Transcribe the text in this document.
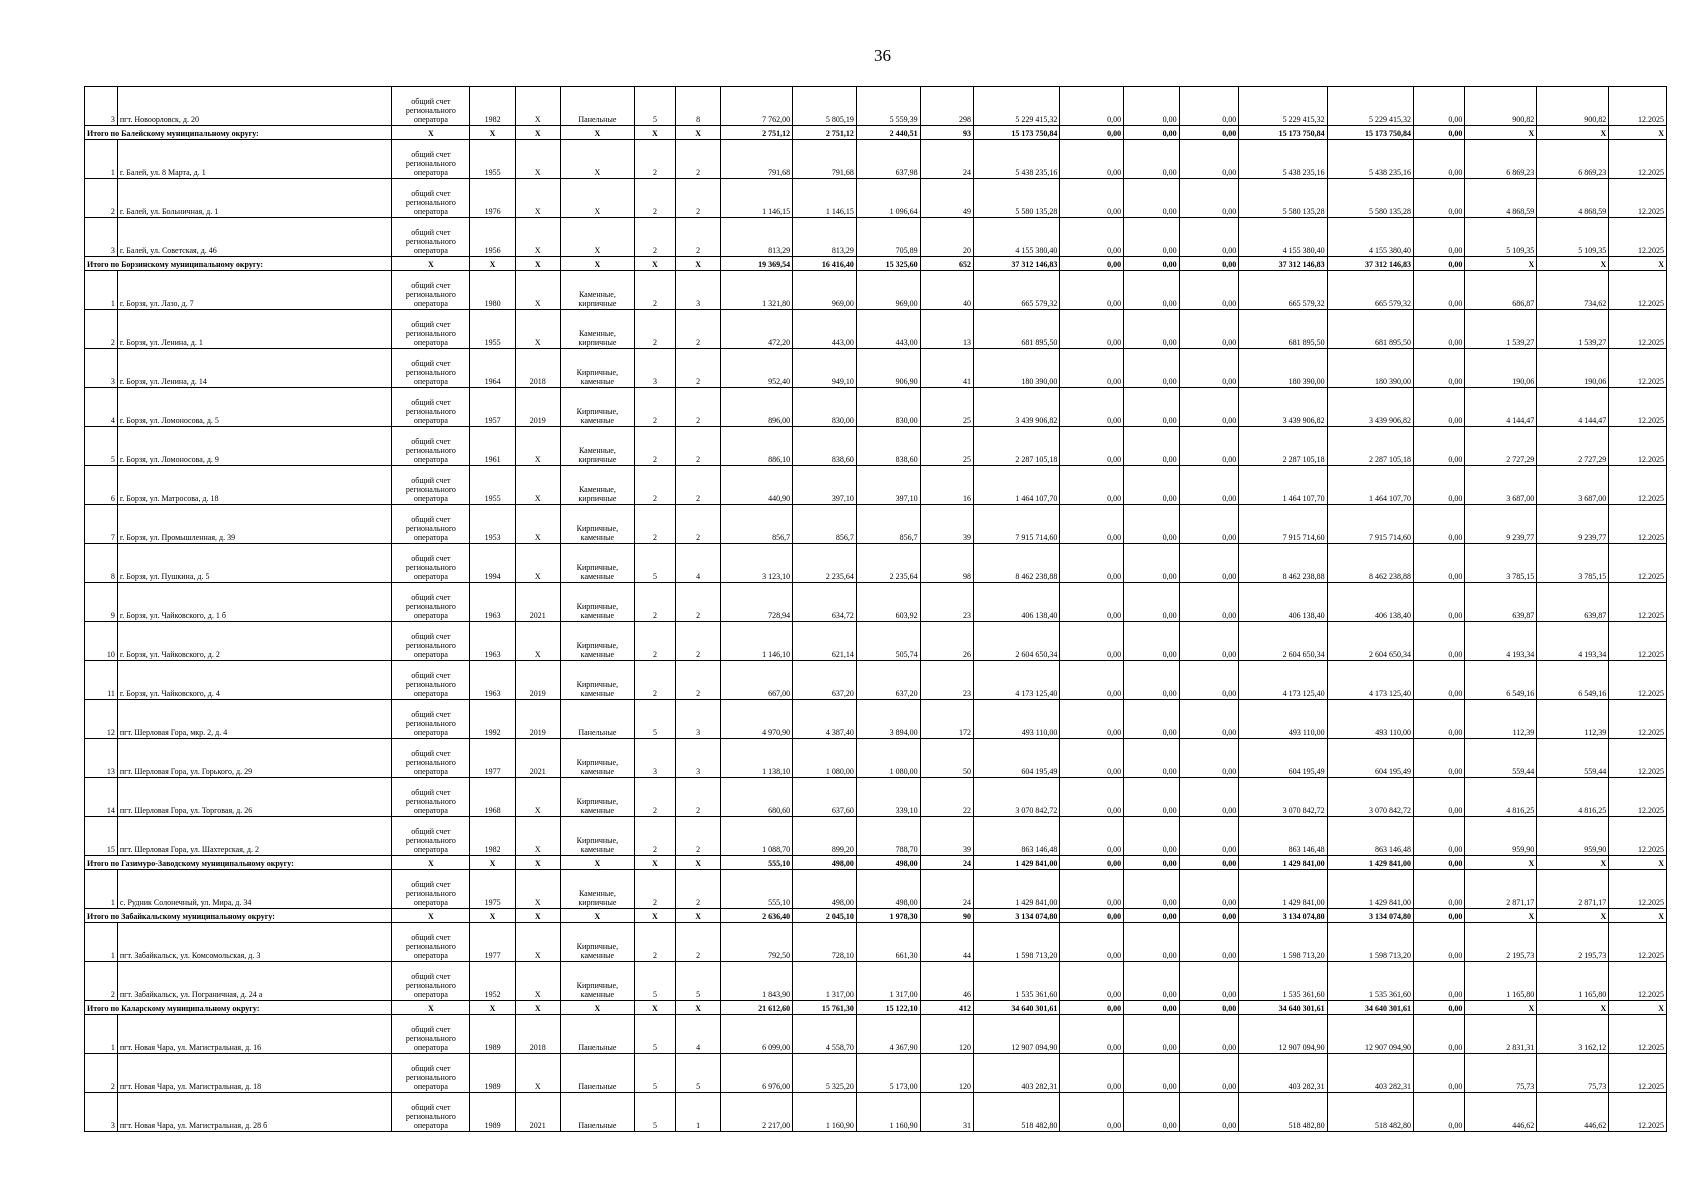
36
3	пгт. Новоорловск, д. 20	общий счет регионального оператора	1982	X	Панельные	5	8	7 762,00	5 805,19	5 559,39	298	5 229 415,32	0,00	0,00	0,00	5 229 415,32	5 229 415,32	0,00	900,82	900,82	12.2025
Итого по Балейскому муниципальному округу:		X	X	X	X	X	X	2 751,12	2 751,12	2 440,51	93	15 173 750,84	0,00	0,00	0,00	15 173 750,84	15 173 750,84	0,00	X	X	X
1	г. Балей, ул. 8 Марта, д. 1	общий счет регионального оператора	1955	X	X	2	2	791,68	791,68	637,98	24	5 438 235,16	0,00	0,00	0,00	5 438 235,16	5 438 235,16	0,00	6 869,23	6 869,23	12.2025
2	г. Балей, ул. Больничная, д. 1	общий счет регионального оператора	1976	X	X	2	2	1 146,15	1 146,15	1 096,64	49	5 580 135,28	0,00	0,00	0,00	5 580 135,28	5 580 135,28	0,00	4 868,59	4 868,59	12.2025
3	г. Балей, ул. Советская, д. 46	общий счет регионального оператора	1956	X	X	2	2	813,29	813,29	705,89	20	4 155 380,40	0,00	0,00	0,00	4 155 380,40	4 155 380,40	0,00	5 109,35	5 109,35	12.2025
Итого по Борзинскому муниципальному округу:		X	X	X	X	X	X	19 369,54	16 416,40	15 325,60	652	37 312 146,83	0,00	0,00	0,00	37 312 146,83	37 312 146,83	0,00	X	X	X
1	г. Борзя, ул. Лазо, д. 7	общий счет регионального оператора	1980	X	Каменные, кирпичные	2	3	1 321,80	969,00	969,00	40	665 579,32	0,00	0,00	0,00	665 579,32	665 579,32	0,00	686,87	734,62	12.2025
2	г. Борзя, ул. Ленина, д. 1	общий счет регионального оператора	1955	X	Каменные, кирпичные	2	2	472,20	443,00	443,00	13	681 895,50	0,00	0,00	0,00	681 895,50	681 895,50	0,00	1 539,27	1 539,27	12.2025
3	г. Борзя, ул. Ленина, д. 14	общий счет регионального оператора	1964	2018	Кирпичные, каменные	3	2	952,40	949,10	906,90	41	180 390,00	0,00	0,00	0,00	180 390,00	180 390,00	0,00	190,06	190,06	12.2025
4	г. Борзя, ул. Ломоносова, д. 5	общий счет регионального оператора	1957	2019	Кирпичные, каменные	2	2	896,00	830,00	830,00	25	3 439 906,82	0,00	0,00	0,00	3 439 906,82	3 439 906,82	0,00	4 144,47	4 144,47	12.2025
5	г. Борзя, ул. Ломоносова, д. 9	общий счет регионального оператора	1961	X	Каменные, кирпичные	2	2	886,10	838,60	838,60	25	2 287 105,18	0,00	0,00	0,00	2 287 105,18	2 287 105,18	0,00	2 727,29	2 727,29	12.2025
6	г. Борзя, ул. Матросова, д. 18	общий счет регионального оператора	1955	X	Каменные, кирпичные	2	2	440,90	397,10	397,10	16	1 464 107,70	0,00	0,00	0,00	1 464 107,70	1 464 107,70	0,00	3 687,00	3 687,00	12.2025
7	г. Борзя, ул. Промышленная, д. 39	общий счет регионального оператора	1953	X	Кирпичные, каменные	2	2	856,7	856,7	856,7	39	7 915 714,60	0,00	0,00	0,00	7 915 714,60	7 915 714,60	0,00	9 239,77	9 239,77	12.2025
8	г. Борзя, ул. Пушкина, д. 5	общий счет регионального оператора	1994	X	Кирпичные, каменные	5	4	3 123,10	2 235,64	2 235,64	98	8 462 238,88	0,00	0,00	0,00	8 462 238,88	8 462 238,88	0,00	3 785,15	3 785,15	12.2025
9	г. Борзя, ул. Чайковского, д. 1 б	общий счет регионального оператора	1963	2021	Кирпичные, каменные	2	2	728,94	634,72	603,92	23	406 138,40	0,00	0,00	0,00	406 138,40	406 138,40	0,00	639,87	639,87	12.2025
10	г. Борзя, ул. Чайковского, д. 2	общий счет регионального оператора	1963	X	Кирпичные, каменные	2	2	1 146,10	621,14	505,74	26	2 604 650,34	0,00	0,00	0,00	2 604 650,34	2 604 650,34	0,00	4 193,34	4 193,34	12.2025
11	г. Борзя, ул. Чайковского, д. 4	общий счет регионального оператора	1963	2019	Кирпичные, каменные	2	2	667,00	637,20	637,20	23	4 173 125,40	0,00	0,00	0,00	4 173 125,40	4 173 125,40	0,00	6 549,16	6 549,16	12.2025
12	пгт. Шерловая Гора, мкр. 2, д. 4	общий счет регионального оператора	1992	2019	Панельные	5	3	4 970,90	4 387,40	3 894,00	172	493 110,00	0,00	0,00	0,00	493 110,00	493 110,00	0,00	112,39	112,39	12.2025
13	пгт. Шерловая Гора, ул. Горького, д. 29	общий счет регионального оператора	1977	2021	Кирпичные, каменные	3	3	1 138,10	1 080,00	1 080,00	50	604 195,49	0,00	0,00	0,00	604 195,49	604 195,49	0,00	559,44	559,44	12.2025
14	пгт. Шерловая Гора, ул. Торговая, д. 26	общий счет регионального оператора	1968	X	Кирпичные, каменные	2	2	680,60	637,60	339,10	22	3 070 842,72	0,00	0,00	0,00	3 070 842,72	3 070 842,72	0,00	4 816,25	4 816,25	12.2025
15	пгт. Шерловая Гора, ул. Шахтерская, д. 2	общий счет регионального оператора	1982	X	Кирпичные, каменные	2	2	1 088,70	899,20	788,70	39	863 146,48	0,00	0,00	0,00	863 146,48	863 146,48	0,00	959,90	959,90	12.2025
Итого по Газимуро-Заводскому муниципальному округу:		X	X	X	X	X	X	555,10	498,00	498,00	24	1 429 841,00	0,00	0,00	0,00	1 429 841,00	1 429 841,00	0,00	X	X	X
1	с. Рудник Солонечный, ул. Мира, д. 34	общий счет регионального оператора	1975	X	Каменные, кирпичные	2	2	555,10	498,00	498,00	24	1 429 841,00	0,00	0,00	0,00	1 429 841,00	1 429 841,00	0,00	2 871,17	2 871,17	12.2025
Итого по Забайкальскому муниципальному округу:		X	X	X	X	X	X	2 636,40	2 045,10	1 978,30	90	3 134 074,80	0,00	0,00	0,00	3 134 074,80	3 134 074,80	0,00	X	X	X
1	пгт. Забайкальск, ул. Комсомольская, д. 3	общий счет регионального оператора	1977	X	Кирпичные, каменные	2	2	792,50	728,10	661,30	44	1 598 713,20	0,00	0,00	0,00	1 598 713,20	1 598 713,20	0,00	2 195,73	2 195,73	12.2025
2	пгт. Забайкальск, ул. Пограничная, д. 24 а	общий счет регионального оператора	1952	X	Кирпичные, каменные	5	5	1 843,90	1 317,00	1 317,00	46	1 535 361,60	0,00	0,00	0,00	1 535 361,60	1 535 361,60	0,00	1 165,80	1 165,80	12.2025
Итого по Каларскому муниципальному округу:		X	X	X	X	X	X	21 612,60	15 761,30	15 122,10	412	34 640 301,61	0,00	0,00	0,00	34 640 301,61	34 640 301,61	0,00	X	X	X
1	пгт. Новая Чара, ул. Магистральная, д. 16	общий счет регионального оператора	1989	2018	Панельные	5	4	6 099,00	4 558,70	4 367,90	120	12 907 094,90	0,00	0,00	0,00	12 907 094,90	12 907 094,90	0,00	2 831,31	3 162,12	12.2025
2	пгт. Новая Чара, ул. Магистральная, д. 18	общий счет регионального оператора	1989	X	Панельные	5	5	6 976,00	5 325,20	5 173,00	120	403 282,31	0,00	0,00	0,00	403 282,31	403 282,31	0,00	75,73	75,73	12.2025
3	пгт. Новая Чара, ул. Магистральная, д. 28 б	общий счет регионального оператора	1989	2021	Панельные	5	1	2 217,00	1 160,90	1 160,90	31	518 482,80	0,00	0,00	0,00	518 482,80	518 482,80	0,00	446,62	446,62	12.2025
